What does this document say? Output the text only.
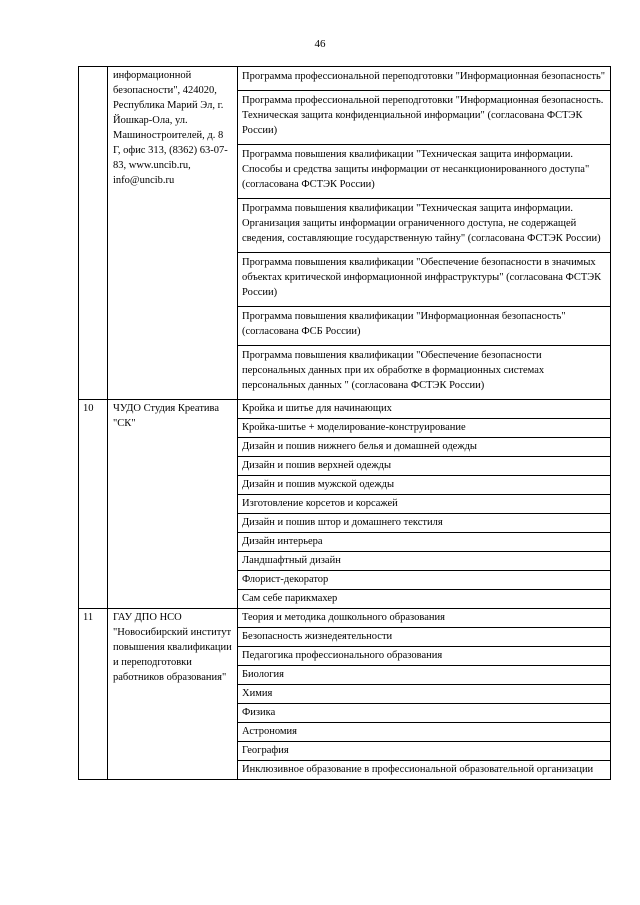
46
	информационной безопасности", 424020, Республика Марий Эл, г. Йошкар-Ола, ул. Машиностроителей, д. 8 Г, офис 313, (8362) 63-07-83, www.uncib.ru, info@uncib.ru	Программа профессиональной переподготовки "Информационная безопасность"
		Программа профессиональной переподготовки "Информационная безопасность. Техническая защита конфиденциальной информации" (согласована ФСТЭК России)
		Программа повышения квалификации "Техническая защита информации. Способы и средства защиты информации от несанкционированного доступа" (согласована ФСТЭК России)
		Программа повышения квалификации "Техническая защита информации. Организация защиты информации ограниченного доступа, не содержащей сведения, составляющие государственную тайну" (согласована ФСТЭК России)
		Программа повышения квалификации "Обеспечение безопасности в значимых объектах критической информационной инфраструктуры" (согласована ФСТЭК России)
		Программа повышения квалификации "Информационная безопасность" (согласована ФСБ России)
		Программа повышения квалификации "Обеспечение безопасности персональных данных при их обработке в формационных системах персональных данных " (согласована ФСТЭК России)
10	ЧУДО Студия Креатива "СК"	Кройка и шитье для начинающих
		Кройка-шитье + моделирование-конструирование
		Дизайн и пошив нижнего белья и домашней одежды
		Дизайн и пошив верхней одежды
		Дизайн и пошив мужской одежды
		Изготовление корсетов и корсажей
		Дизайн и пошив штор и домашнего текстиля
		Дизайн интерьера
		Ландшафтный дизайн
		Флорист-декоратор
		Сам себе парикмахер
11	ГАУ ДПО НСО "Новосибирский институт повышения квалификации и переподготовки работников образования"	Теория и методика дошкольного образования
		Безопасность жизнедеятельности
		Педагогика профессионального образования
		Биология
		Химия
		Физика
		Астрономия
		География
		Инклюзивное образование в профессиональной образовательной организации
